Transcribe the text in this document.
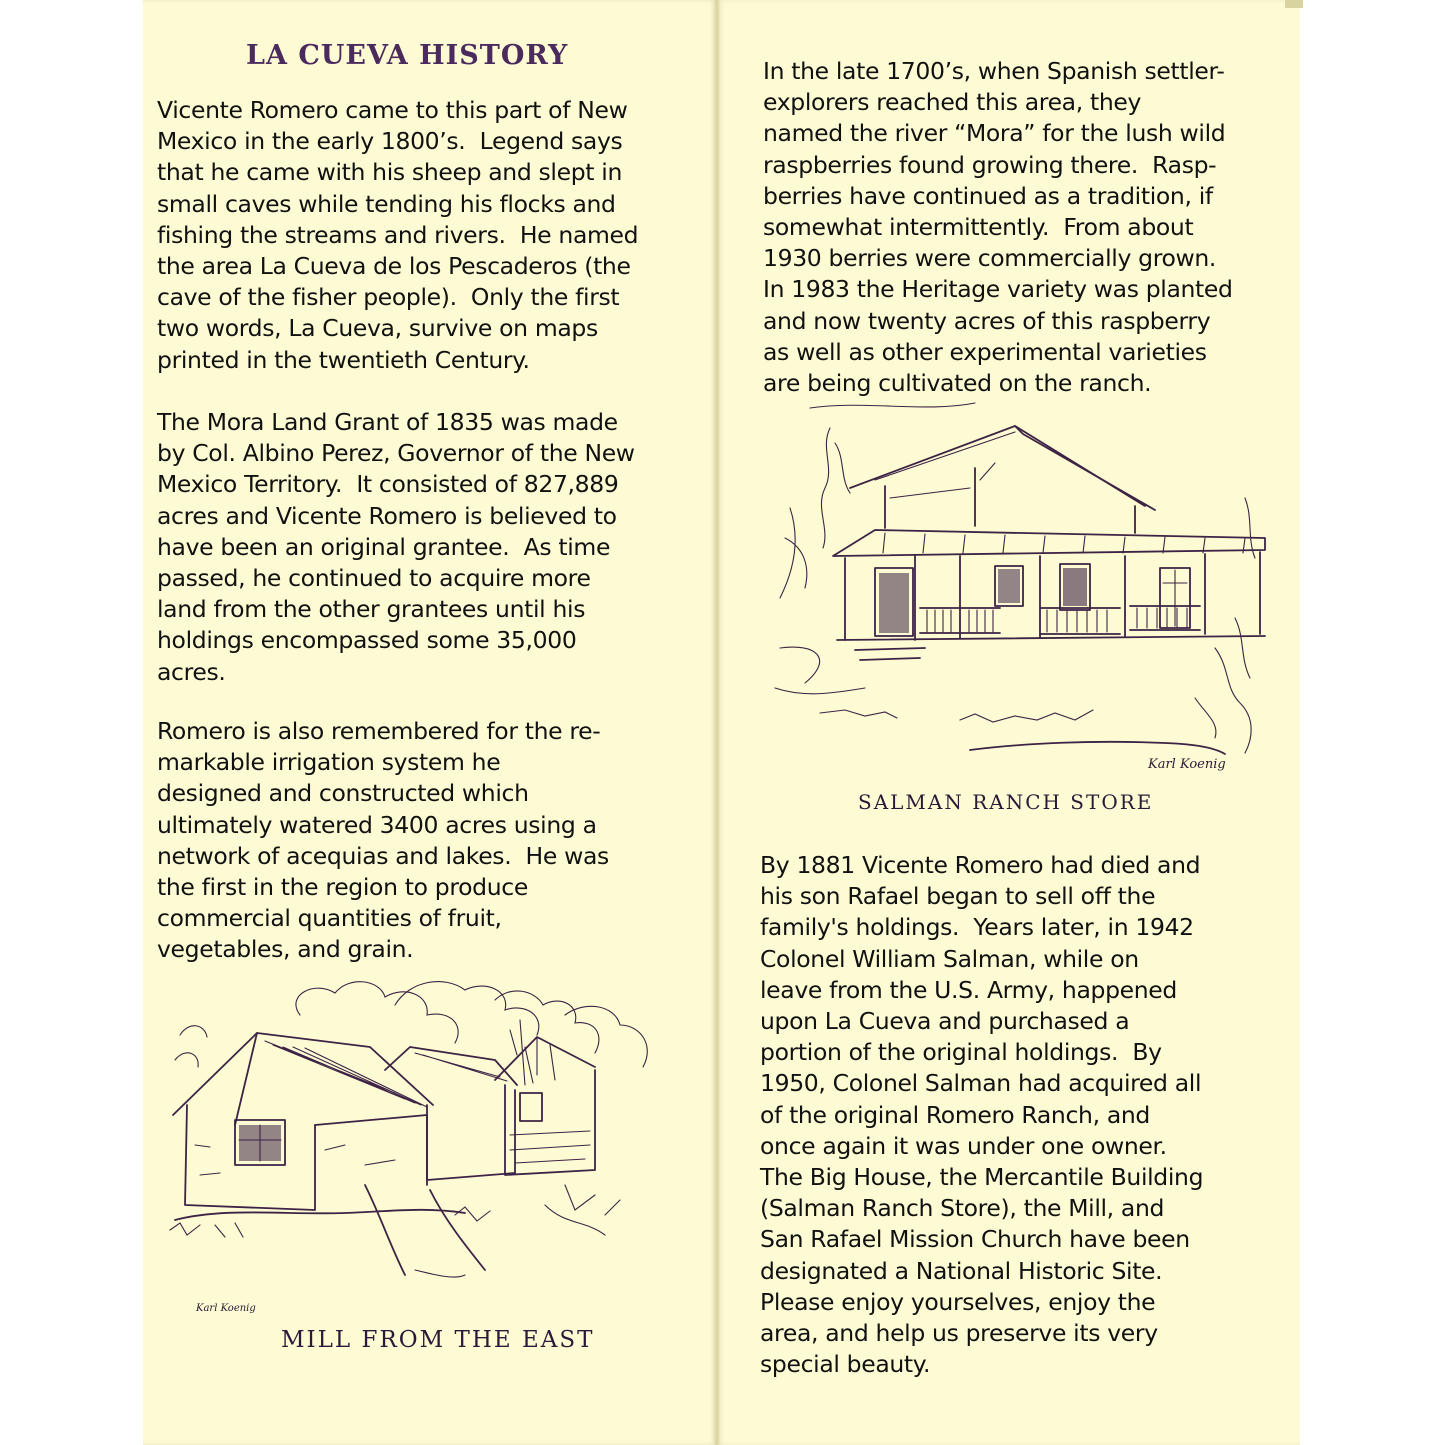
LA CUEVA HISTORY

Vicente Romero came to this part of New
Mexico in the early 1800’s.  Legend says
that he came with his sheep and slept in
small caves while tending his flocks and
fishing the streams and rivers.  He named
the area La Cueva de los Pescaderos (the
cave of the fisher people).  Only the first
two words, La Cueva, survive on maps
printed in the twentieth Century.

The Mora Land Grant of 1835 was made
by Col. Albino Perez, Governor of the New
Mexico Territory.  It consisted of 827,889
acres and Vicente Romero is believed to
have been an original grantee.  As time
passed, he continued to acquire more
land from the other grantees until his
holdings encompassed some 35,000
acres.

Romero is also remembered for the re-
markable irrigation system he
designed and constructed which
ultimately watered 3400 acres using a
network of acequias and lakes.  He was
the first in the region to produce
commercial quantities of fruit,
vegetables, and grain.

Karl Koenig
MILL FROM THE EAST

In the late 1700’s, when Spanish settler-
explorers reached this area, they
named the river “Mora” for the lush wild
raspberries found growing there.  Rasp-
berries have continued as a tradition, if
somewhat intermittently.  From about
1930 berries were commercially grown.
In 1983 the Heritage variety was planted
and now twenty acres of this raspberry
as well as other experimental varieties
are being cultivated on the ranch.

Karl Koenig
SALMAN RANCH STORE

By 1881 Vicente Romero had died and
his son Rafael began to sell off the
family's holdings.  Years later, in 1942
Colonel William Salman, while on
leave from the U.S. Army, happened
upon La Cueva and purchased a
portion of the original holdings.  By
1950, Colonel Salman had acquired all
of the original Romero Ranch, and
once again it was under one owner.
The Big House, the Mercantile Building
(Salman Ranch Store), the Mill, and
San Rafael Mission Church have been
designated a National Historic Site.
Please enjoy yourselves, enjoy the
area, and help us preserve its very
special beauty.
